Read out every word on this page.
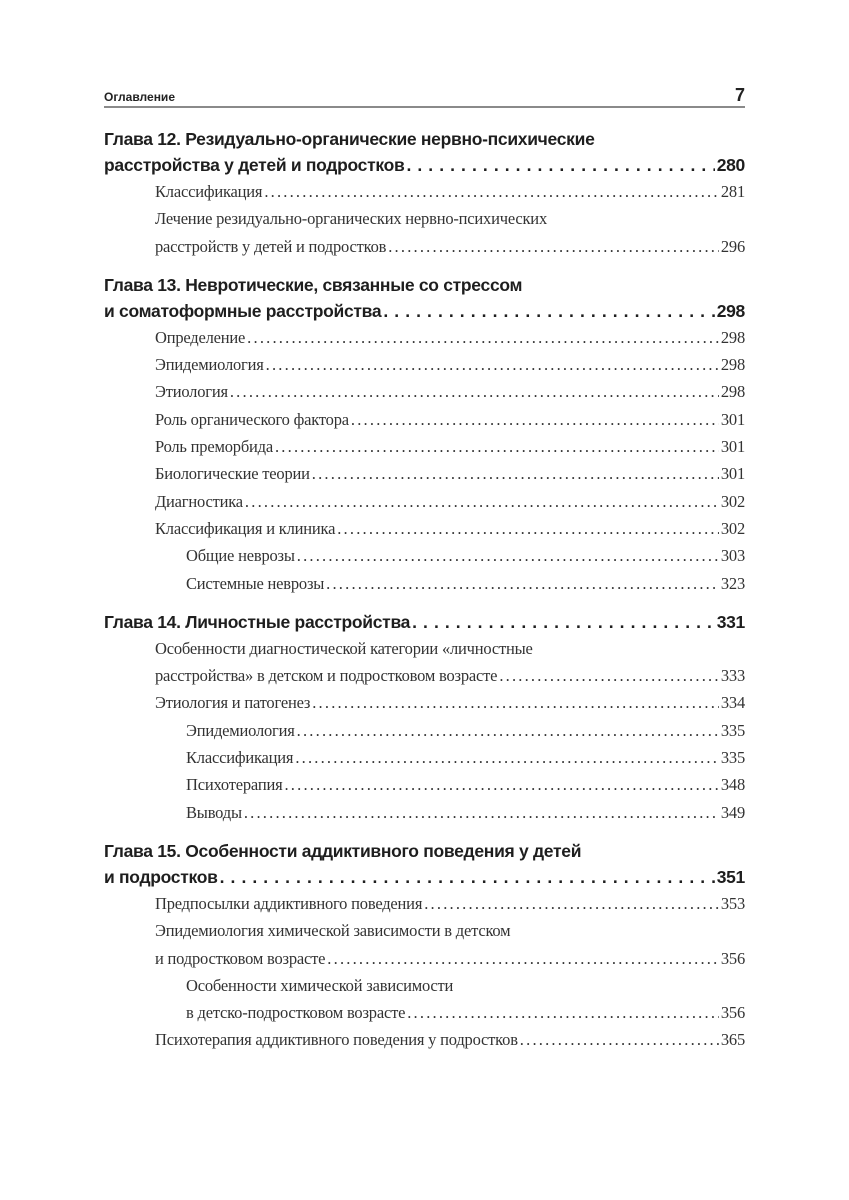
Оглавление	7
Глава 12. Резидуально-органические нервно-психические
расстройства у детей и подростков . . .	280
Классификация .....	281
Лечение резидуально-органических нервно-психических
расстройств у детей и подростков .....	296
Глава 13. Невротические, связанные со стрессом
и соматоформные расстройства . . .	298
Определение .....	298
Эпидемиология .....	298
Этиология .....	298
Роль органического фактора .....	301
Роль преморбида .....	301
Биологические теории .....	301
Диагностика .....	302
Классификация и клиника .....	302
Общие неврозы .....	303
Системные неврозы .....	323
Глава 14. Личностные расстройства . . .	331
Особенности диагностической категории «личностные
расстройства» в детском и подростковом возрасте .....	333
Этиология и патогенез .....	334
Эпидемиология .....	335
Классификация .....	335
Психотерапия .....	348
Выводы .....	349
Глава 15. Особенности аддиктивного поведения у детей
и подростков . . .	351
Предпосылки аддиктивного поведения .....	353
Эпидемиология химической зависимости в детском
и подростковом возрасте .....	356
Особенности химической зависимости
в детско-подростковом возрасте .....	356
Психотерапия аддиктивного поведения у подростков .....	365
